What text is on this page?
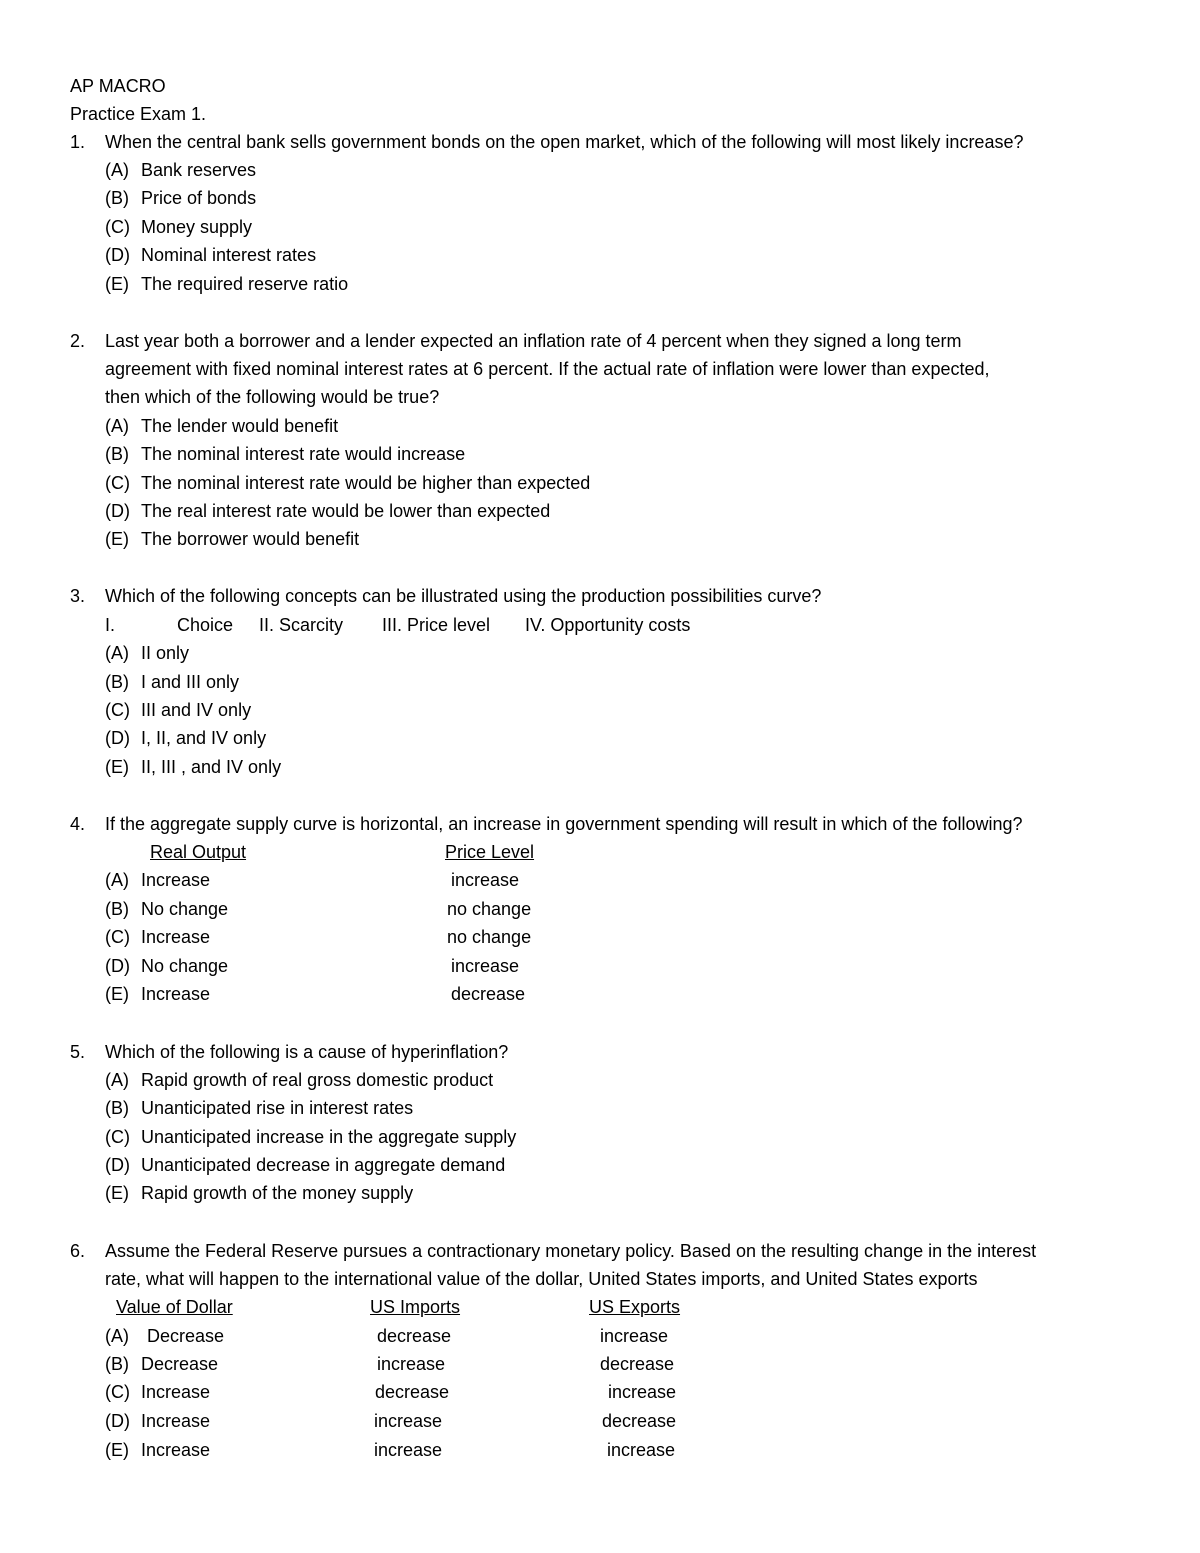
AP MACRO
Practice Exam 1.
1. When the central bank sells government bonds on the open market, which of the following will most likely increase?
(A) Bank reserves
(B) Price of bonds
(C) Money supply
(D) Nominal interest rates
(E) The required reserve ratio
2. Last year both a borrower and a lender expected an inflation rate of 4 percent when they signed a long term
agreement with fixed nominal interest rates at 6 percent. If the actual rate of inflation were lower than expected,
then which of the following would be true?
(A) The lender would benefit
(B) The nominal interest rate would increase
(C) The nominal interest rate would be higher than expected
(D) The real interest rate would be lower than expected
(E) The borrower would benefit
3. Which of the following concepts can be illustrated using the production possibilities curve?
I.	Choice II. Scarcity III. Price level IV. Opportunity costs
(A) II only
(B) I and III only
(C) III and IV only
(D) I, II, and IV only
(E) II, III , and IV only
4. If the aggregate supply curve is horizontal, an increase in government spending will result in which of the following?
Real Output	Price Level
(A) Increase	increase
(B) No change	no change
(C) Increase	no change
(D) No change	increase
(E) Increase	decrease
5. Which of the following is a cause of hyperinflation?
(A) Rapid growth of real gross domestic product
(B) Unanticipated rise in interest rates
(C) Unanticipated increase in the aggregate supply
(D) Unanticipated decrease in aggregate demand
(E) Rapid growth of the money supply
6. Assume the Federal Reserve pursues a contractionary monetary policy. Based on the resulting change in the interest
rate, what will happen to the international value of the dollar, United States imports, and United States exports
Value of Dollar	US Imports	US Exports
(A) Decrease	decrease	increase
(B) Decrease	increase	decrease
(C) Increase	decrease	increase
(D) Increase	increase	decrease
(E) Increase	increase	increase
